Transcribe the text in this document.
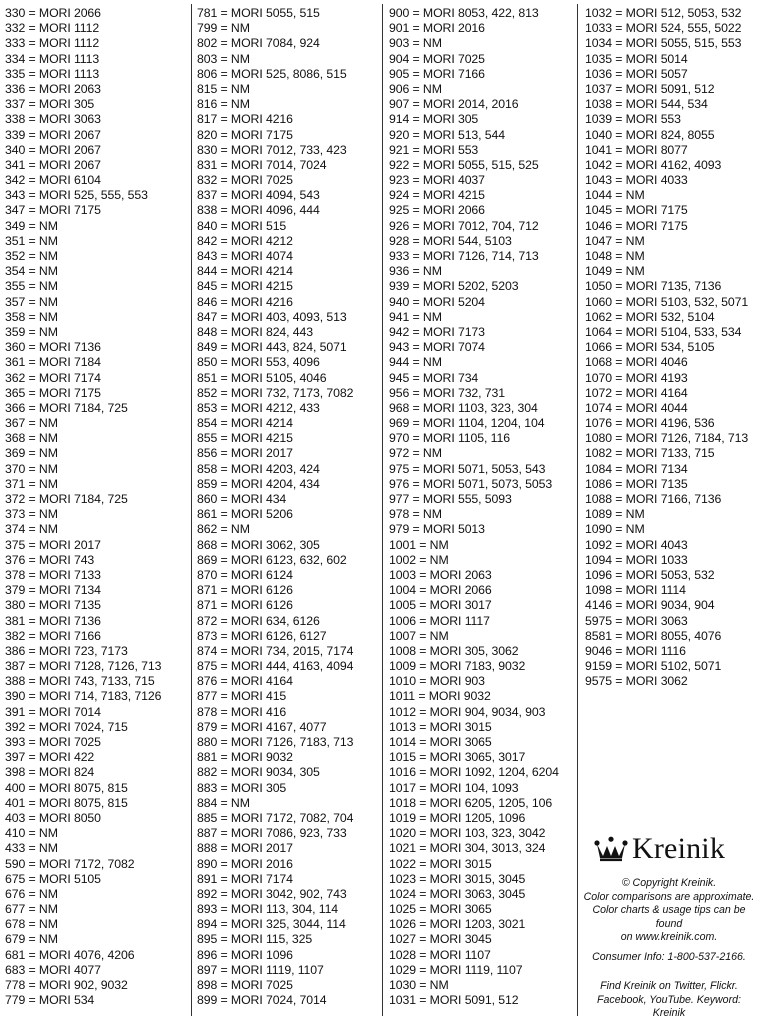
330 = MORI 2066
332 = MORI 1112
333 = MORI 1112
334 = MORI 1113
335 = MORI 1113
336 = MORI 2063
337 = MORI 305
338 = MORI 3063
339 = MORI 2067
340 = MORI 2067
341 = MORI 2067
342 = MORI 6104
343 = MORI 525, 555, 553
347 = MORI 7175
349 = NM
351 = NM
352 = NM
354 = NM
355 = NM
357 = NM
358 = NM
359 = NM
360 = MORI 7136
361 = MORI 7184
362 = MORI 7174
365 = MORI 7175
366 = MORI 7184, 725
367 = NM
368 = NM
369 = NM
370 = NM
371 = NM
372 = MORI 7184, 725
373 = NM
374 = NM
375 = MORI 2017
376 = MORI 743
378 = MORI 7133
379 = MORI 7134
380 = MORI 7135
381 = MORI 7136
382 = MORI 7166
386 = MORI 723, 7173
387 = MORI 7128, 7126, 713
388 = MORI 743, 7133, 715
390 = MORI 714, 7183, 7126
391 = MORI 7014
392 = MORI 7024, 715
393 = MORI 7025
397 = MORI 422
398 = MORI 824
400 = MORI 8075, 815
401 = MORI 8075, 815
403 = MORI 8050
410 = NM
433 = NM
590 = MORI 7172, 7082
675 = MORI 5105
676 = NM
677 = NM
678 = NM
679 = NM
681 = MORI 4076, 4206
683 = MORI 4077
778 = MORI 902, 9032
779 = MORI 534
781 = MORI 5055, 515
799 = NM
802 = MORI 7084, 924
803 = NM
806 = MORI 525, 8086, 515
815 = NM
816 = NM
817 = MORI 4216
820 = MORI 7175
830 = MORI 7012, 733, 423
831 = MORI 7014, 7024
832 = MORI 7025
837 = MORI 4094, 543
838 = MORI 4096, 444
840 = MORI 515
842 = MORI 4212
843 = MORI 4074
844 = MORI 4214
845 = MORI 4215
846 = MORI 4216
847 = MORI 403, 4093, 513
848 = MORI 824, 443
849 = MORI 443, 824, 5071
850 = MORI 553, 4096
851 = MORI 5105, 4046
852 = MORI 732, 7173, 7082
853 = MORI 4212, 433
854 = MORI 4214
855 = MORI 4215
856 = MORI 2017
858 = MORI 4203, 424
859 = MORI 4204, 434
860 = MORI 434
861 = MORI 5206
862 = NM
868 = MORI 3062, 305
869 = MORI 6123, 632, 602
870 = MORI 6124
871 = MORI 6126
871 = MORI 6126
872 = MORI 634, 6126
873 = MORI 6126, 6127
874 = MORI 734, 2015, 7174
875 = MORI 444, 4163, 4094
876 = MORI 4164
877 = MORI 415
878 = MORI 416
879 = MORI 4167, 4077
880 = MORI 7126, 7183, 713
881 = MORI 9032
882 = MORI 9034, 305
883 = MORI 305
884 = NM
885 = MORI 7172, 7082, 704
887 = MORI 7086, 923, 733
888 = MORI 2017
890 = MORI 2016
891 = MORI 7174
892 = MORI 3042, 902, 743
893 = MORI 113, 304, 114
894 = MORI 325, 3044, 114
895 = MORI 115, 325
896 = MORI 1096
897 = MORI 1119, 1107
898 = MORI 7025
899 = MORI 7024, 7014
900 = MORI 8053, 422, 813
901 = MORI 2016
903 = NM
904 = MORI 7025
905 = MORI 7166
906 = NM
907 = MORI 2014, 2016
914 = MORI 305
920 = MORI 513, 544
921 = MORI 553
922 = MORI 5055, 515, 525
923 = MORI 4037
924 = MORI 4215
925 = MORI 2066
926 = MORI 7012, 704, 712
928 = MORI 544, 5103
933 = MORI 7126, 714, 713
936 = NM
939 = MORI 5202, 5203
940 = MORI 5204
941 = NM
942 = MORI 7173
943 = MORI 7074
944 = NM
945 = MORI 734
956 = MORI 732, 731
968 = MORI 1103, 323, 304
969 = MORI 1104, 1204, 104
970 = MORI 1105, 116
972 = NM
975 = MORI 5071, 5053, 543
976 = MORI 5071, 5073, 5053
977 = MORI 555, 5093
978 = NM
979 = MORI 5013
1001 = NM
1002 = NM
1003 = MORI 2063
1004 = MORI 2066
1005 = MORI 3017
1006 = MORI 1117
1007 = NM
1008 = MORI 305, 3062
1009 = MORI 7183, 9032
1010 = MORI 903
1011 = MORI 9032
1012 = MORI 904, 9034, 903
1013 = MORI 3015
1014 = MORI 3065
1015 = MORI 3065, 3017
1016 = MORI 1092, 1204, 6204
1017 = MORI 104, 1093
1018 = MORI 6205, 1205, 106
1019 = MORI 1205, 1096
1020 = MORI 103, 323, 3042
1021 = MORI 304, 3013, 324
1022 = MORI 3015
1023 = MORI 3015, 3045
1024 = MORI 3063, 3045
1025 = MORI 3065
1026 = MORI 1203, 3021
1027 = MORI 3045
1028 = MORI 1107
1029 = MORI 1119, 1107
1030 = NM
1031 = MORI 5091, 512
1032 = MORI 512, 5053, 532
1033 = MORI 524, 555, 5022
1034 = MORI 5055, 515, 553
1035 = MORI 5014
1036 = MORI 5057
1037 = MORI 5091, 512
1038 = MORI 544, 534
1039 = MORI 553
1040 = MORI 824, 8055
1041 = MORI 8077
1042 = MORI 4162, 4093
1043 = MORI 4033
1044 = NM
1045 = MORI 7175
1046 = MORI 7175
1047 = NM
1048 = NM
1049 = NM
1050 = MORI 7135, 7136
1060 = MORI 5103, 532, 5071
1062 = MORI 532, 5104
1064 = MORI 5104, 533, 534
1066 = MORI 534, 5105
1068 = MORI 4046
1070 = MORI 4193
1072 = MORI 4164
1074 = MORI 4044
1076 = MORI 4196, 536
1080 = MORI 7126, 7184, 713
1082 = MORI 7133, 715
1084 = MORI 7134
1086 = MORI 7135
1088 = MORI 7166, 7136
1089 = NM
1090 = NM
1092 = MORI 4043
1094 = MORI 1033
1096 = MORI 5053, 532
1098 = MORI 1114
4146 = MORI 9034, 904
5975 = MORI 3063
8581 = MORI 8055, 4076
9046 = MORI 1116
9159 = MORI 5102, 5071
9575 = MORI 3062
Kreinik
© Copyright Kreinik.
Color comparisons are approximate.
Color charts & usage tips can be found
on www.kreinik.com.
Consumer Info: 1-800-537-2166.
Find Kreinik on Twitter, Flickr.
Facebook, YouTube. Keyword: Kreinik
